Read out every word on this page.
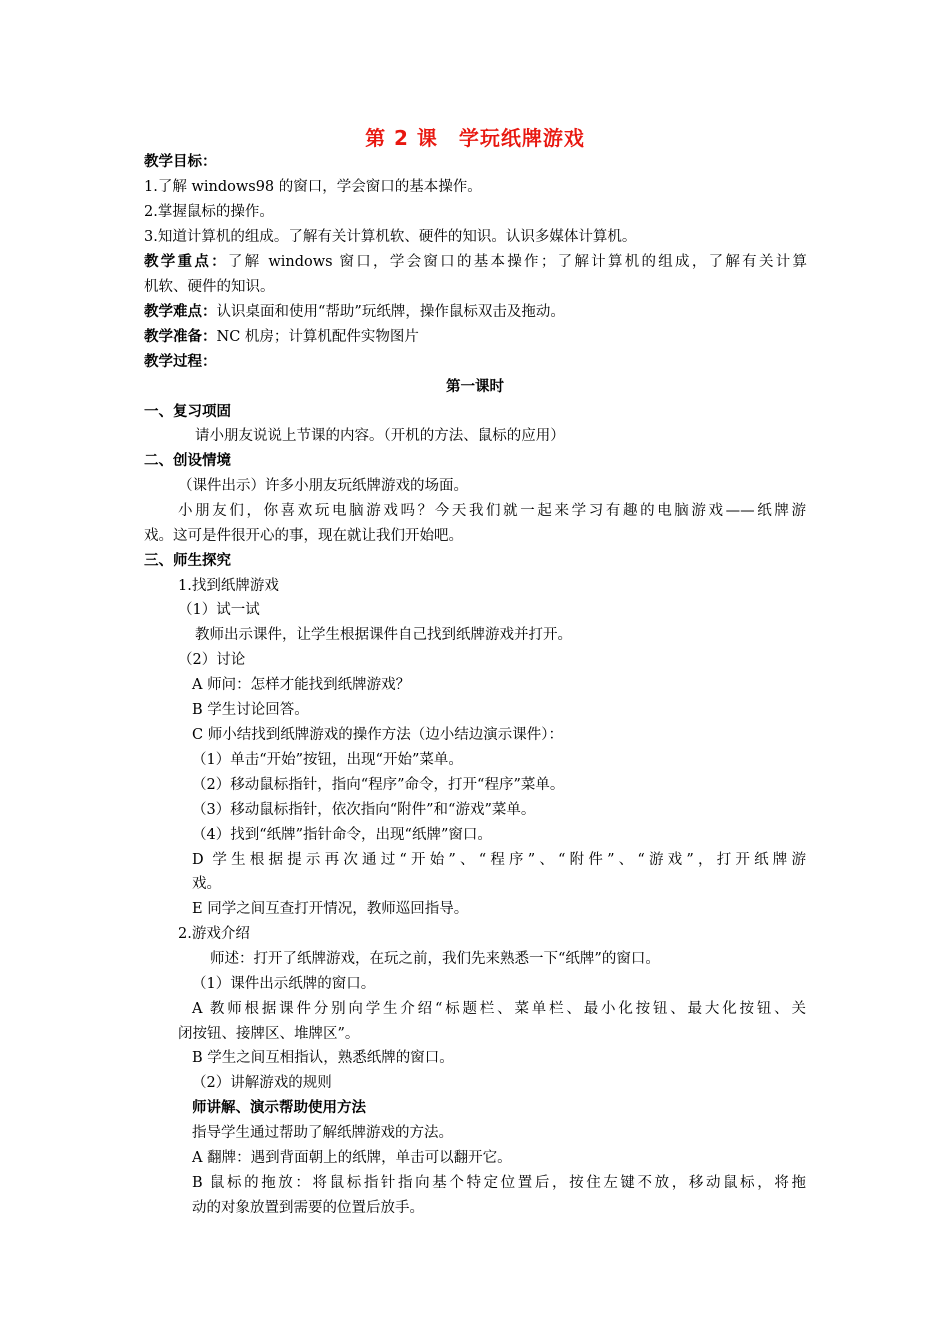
第 2 课　学玩纸牌游戏
教学目标：
1.了解 windows98 的窗口，学会窗口的基本操作。
2.掌握鼠标的操作。
3.知道计算机的组成。了解有关计算机软、硬件的知识。认识多媒体计算机。
教学重点：了解 windows 窗口，学会窗口的基本操作；了解计算机的组成，了解有关计算
机软、硬件的知识。
教学难点：认识桌面和使用“帮助”玩纸牌，操作鼠标双击及拖动。
教学准备：NC 机房；计算机配件实物图片
教学过程：
第一课时
一、复习项固
请小朋友说说上节课的内容。（开机的方法、鼠标的应用）
二、创设情境
（课件出示）许多小朋友玩纸牌游戏的场面。
小朋友们，你喜欢玩电脑游戏吗？今天我们就一起来学习有趣的电脑游戏——纸牌游
戏。这可是件很开心的事，现在就让我们开始吧。
三、师生探究
1.找到纸牌游戏
（1）试一试
教师出示课件，让学生根据课件自己找到纸牌游戏并打开。
（2）讨论
A 师问：怎样才能找到纸牌游戏？
B 学生讨论回答。
C 师小结找到纸牌游戏的操作方法（边小结边演示课件）：
（1）单击“开始”按钮，出现“开始”菜单。
（2）移动鼠标指针，指向“程序”命令，打开“程序”菜单。
（3）移动鼠标指针，依次指向“附件”和“游戏”菜单。
（4）找到“纸牌”指针命令，出现“纸牌”窗口。
D 学生根据提示再次通过“开始”、“程序”、“附件”、“游戏”，打开纸牌游
戏。
E 同学之间互查打开情况，教师巡回指导。
2.游戏介绍
师述：打开了纸牌游戏，在玩之前，我们先来熟悉一下“纸牌”的窗口。
（1）课件出示纸牌的窗口。
A 教师根据课件分别向学生介绍“标题栏、菜单栏、最小化按钮、最大化按钮、关
闭按钮、接牌区、堆牌区”。
B 学生之间互相指认，熟悉纸牌的窗口。
（2）讲解游戏的规则
师讲解、演示帮助使用方法
指导学生通过帮助了解纸牌游戏的方法。
A 翻牌：遇到背面朝上的纸牌，单击可以翻开它。
B 鼠标的拖放：将鼠标指针指向基个特定位置后，按住左键不放，移动鼠标，将拖
动的对象放置到需要的位置后放手。
